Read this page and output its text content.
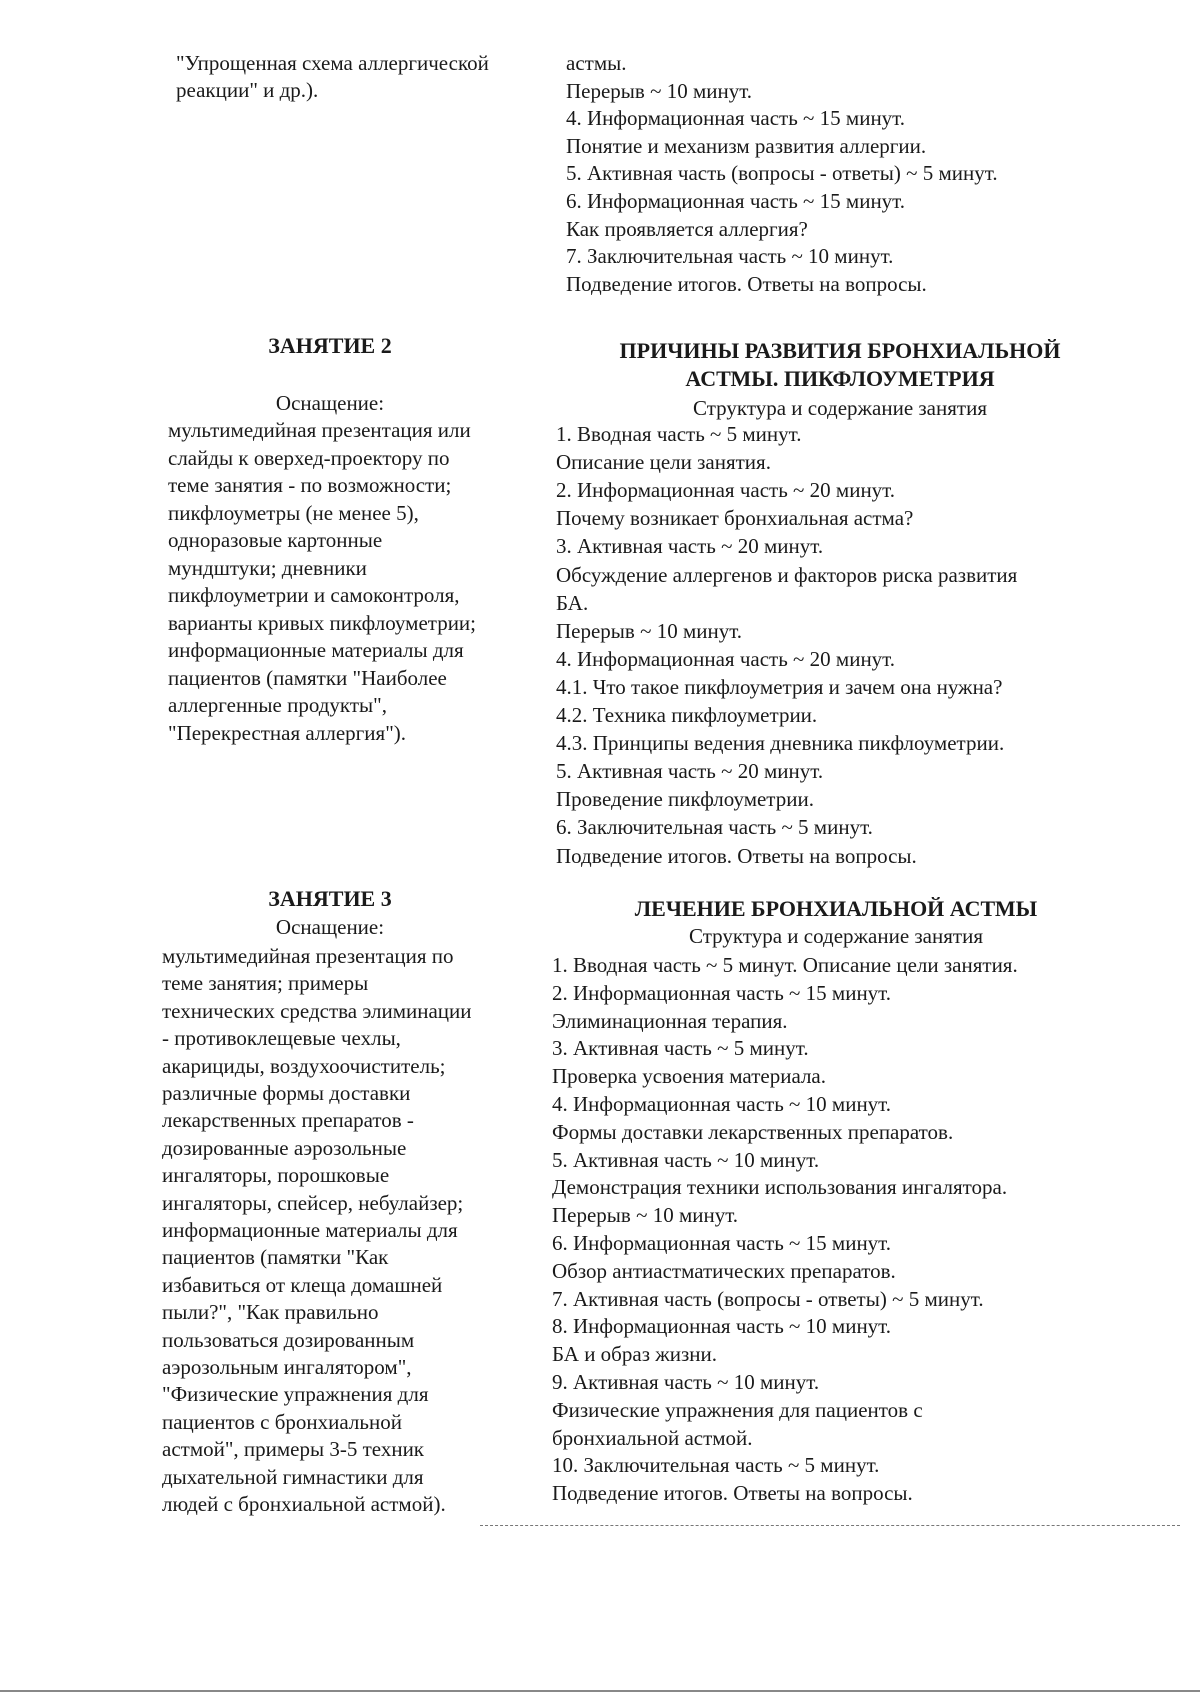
"Упрощенная схема аллергической
реакции" и др.).
астмы.
Перерыв ~ 10 минут.
4. Информационная часть ~ 15 минут.
Понятие и механизм развития аллергии.
5. Активная часть (вопросы - ответы) ~ 5 минут.
6. Информационная часть ~ 15 минут.
Как проявляется аллергия?
7. Заключительная часть ~ 10 минут.
Подведение итогов. Ответы на вопросы.
ЗАНЯТИЕ 2
Оснащение:
мультимедийная презентация или
слайды к оверхед-проектору по
теме занятия - по возможности;
пикфлоуметры (не менее 5),
одноразовые картонные
мундштуки; дневники
пикфлоуметрии и самоконтроля,
варианты кривых пикфлоуметрии;
информационные материалы для
пациентов (памятки "Наиболее
аллергенные продукты",
"Перекрестная аллергия").
ПРИЧИНЫ РАЗВИТИЯ БРОНХИАЛЬНОЙ
АСТМЫ. ПИКФЛОУМЕТРИЯ
Структура и содержание занятия
1. Вводная часть ~ 5 минут.
Описание цели занятия.
2. Информационная часть ~ 20 минут.
Почему возникает бронхиальная астма?
3. Активная часть ~ 20 минут.
Обсуждение аллергенов и факторов риска развития
БА.
Перерыв ~ 10 минут.
4. Информационная часть ~ 20 минут.
4.1. Что такое пикфлоуметрия и зачем она нужна?
4.2. Техника пикфлоуметрии.
4.3. Принципы ведения дневника пикфлоуметрии.
5. Активная часть ~ 20 минут.
Проведение пикфлоуметрии.
6. Заключительная часть ~ 5 минут.
Подведение итогов. Ответы на вопросы.
ЗАНЯТИЕ 3
Оснащение:
мультимедийная презентация по
теме занятия; примеры
технических средства элиминации
- противоклещевые чехлы,
акарициды, воздухоочиститель;
различные формы доставки
лекарственных препаратов -
дозированные аэрозольные
ингаляторы, порошковые
ингаляторы, спейсер, небулайзер;
информационные материалы для
пациентов (памятки "Как
избавиться от клеща домашней
пыли?", "Как правильно
пользоваться дозированным
аэрозольным ингалятором",
"Физические упражнения для
пациентов с бронхиальной
астмой", примеры 3-5 техник
дыхательной гимнастики для
людей с бронхиальной астмой).
ЛЕЧЕНИЕ БРОНХИАЛЬНОЙ АСТМЫ
Структура и содержание занятия
1. Вводная часть ~ 5 минут. Описание цели занятия.
2. Информационная часть ~ 15 минут.
Элиминационная терапия.
3. Активная часть ~ 5 минут.
Проверка усвоения материала.
4. Информационная часть ~ 10 минут.
Формы доставки лекарственных препаратов.
5. Активная часть ~ 10 минут.
Демонстрация техники использования ингалятора.
Перерыв ~ 10 минут.
6. Информационная часть ~ 15 минут.
Обзор антиастматических препаратов.
7. Активная часть (вопросы - ответы) ~ 5 минут.
8. Информационная часть ~ 10 минут.
БА и образ жизни.
9. Активная часть ~ 10 минут.
Физические упражнения для пациентов с
бронхиальной астмой.
10. Заключительная часть ~ 5 минут.
Подведение итогов. Ответы на вопросы.
